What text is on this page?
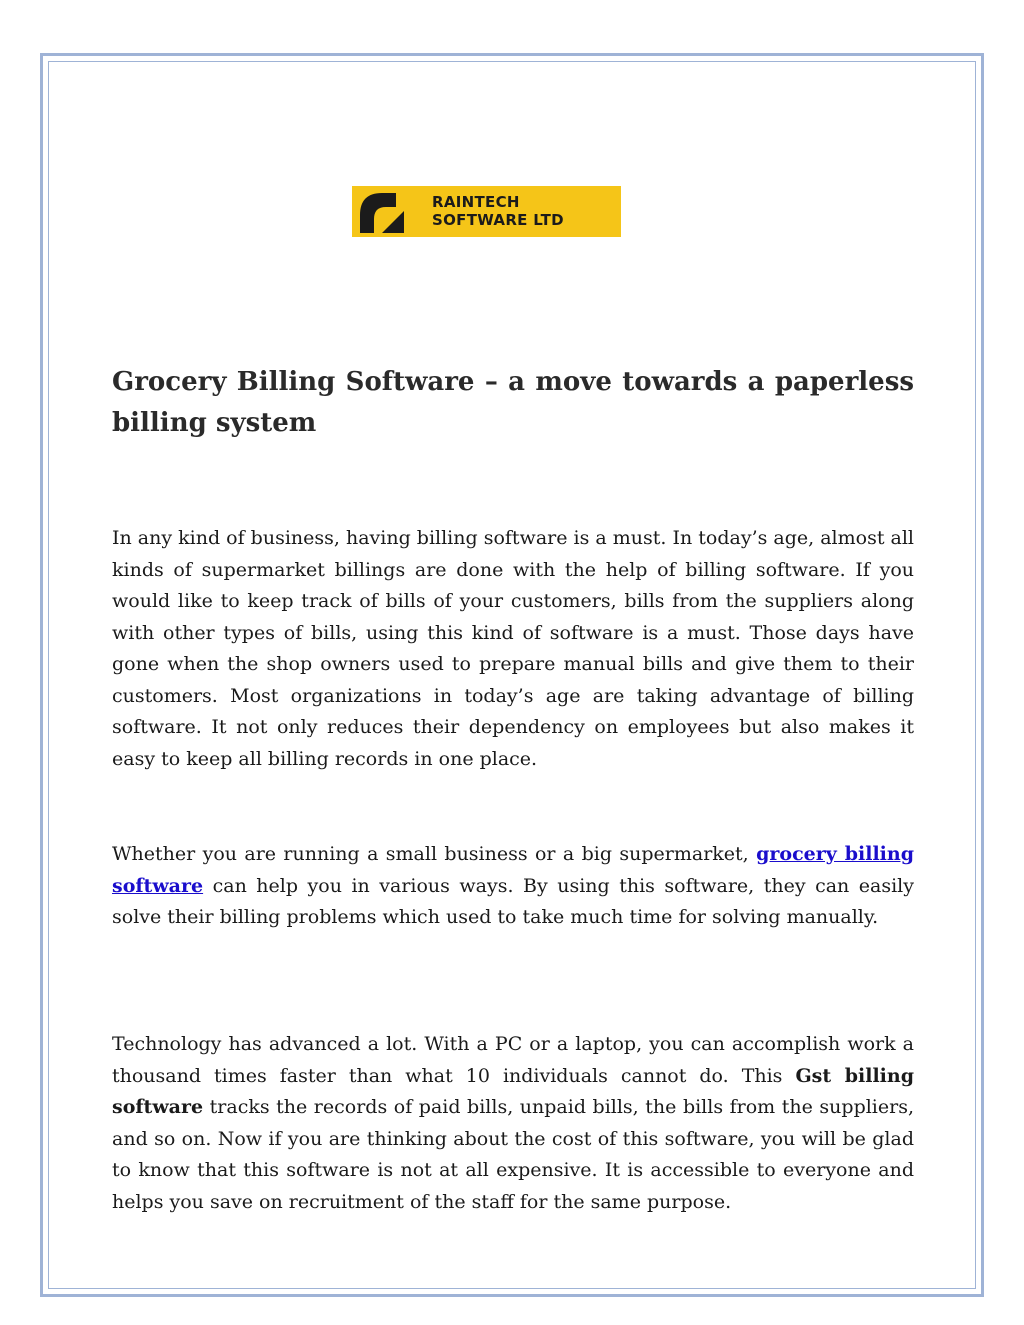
RAINTECH
SOFTWARE LTD
Grocery Billing Software – a move towards a paperless billing system

In any kind of business, having billing software is a must. In today’s age, almost all kinds of supermarket billings are done with the help of billing software. If you would like to keep track of bills of your customers, bills from the suppliers along with other types of bills, using this kind of software is a must. Those days have gone when the shop owners used to prepare manual bills and give them to their customers. Most organizations in today’s age are taking advantage of billing software. It not only reduces their dependency on employees but also makes it easy to keep all billing records in one place.

Whether you are running a small business or a big supermarket, grocery billing software can help you in various ways. By using this software, they can easily solve their billing problems which used to take much time for solving manually.

Technology has advanced a lot. With a PC or a laptop, you can accomplish work a thousand times faster than what 10 individuals cannot do. This Gst billing software tracks the records of paid bills, unpaid bills, the bills from the suppliers, and so on. Now if you are thinking about the cost of this software, you will be glad to know that this software is not at all expensive. It is accessible to everyone and helps you save on recruitment of the staff for the same purpose.
